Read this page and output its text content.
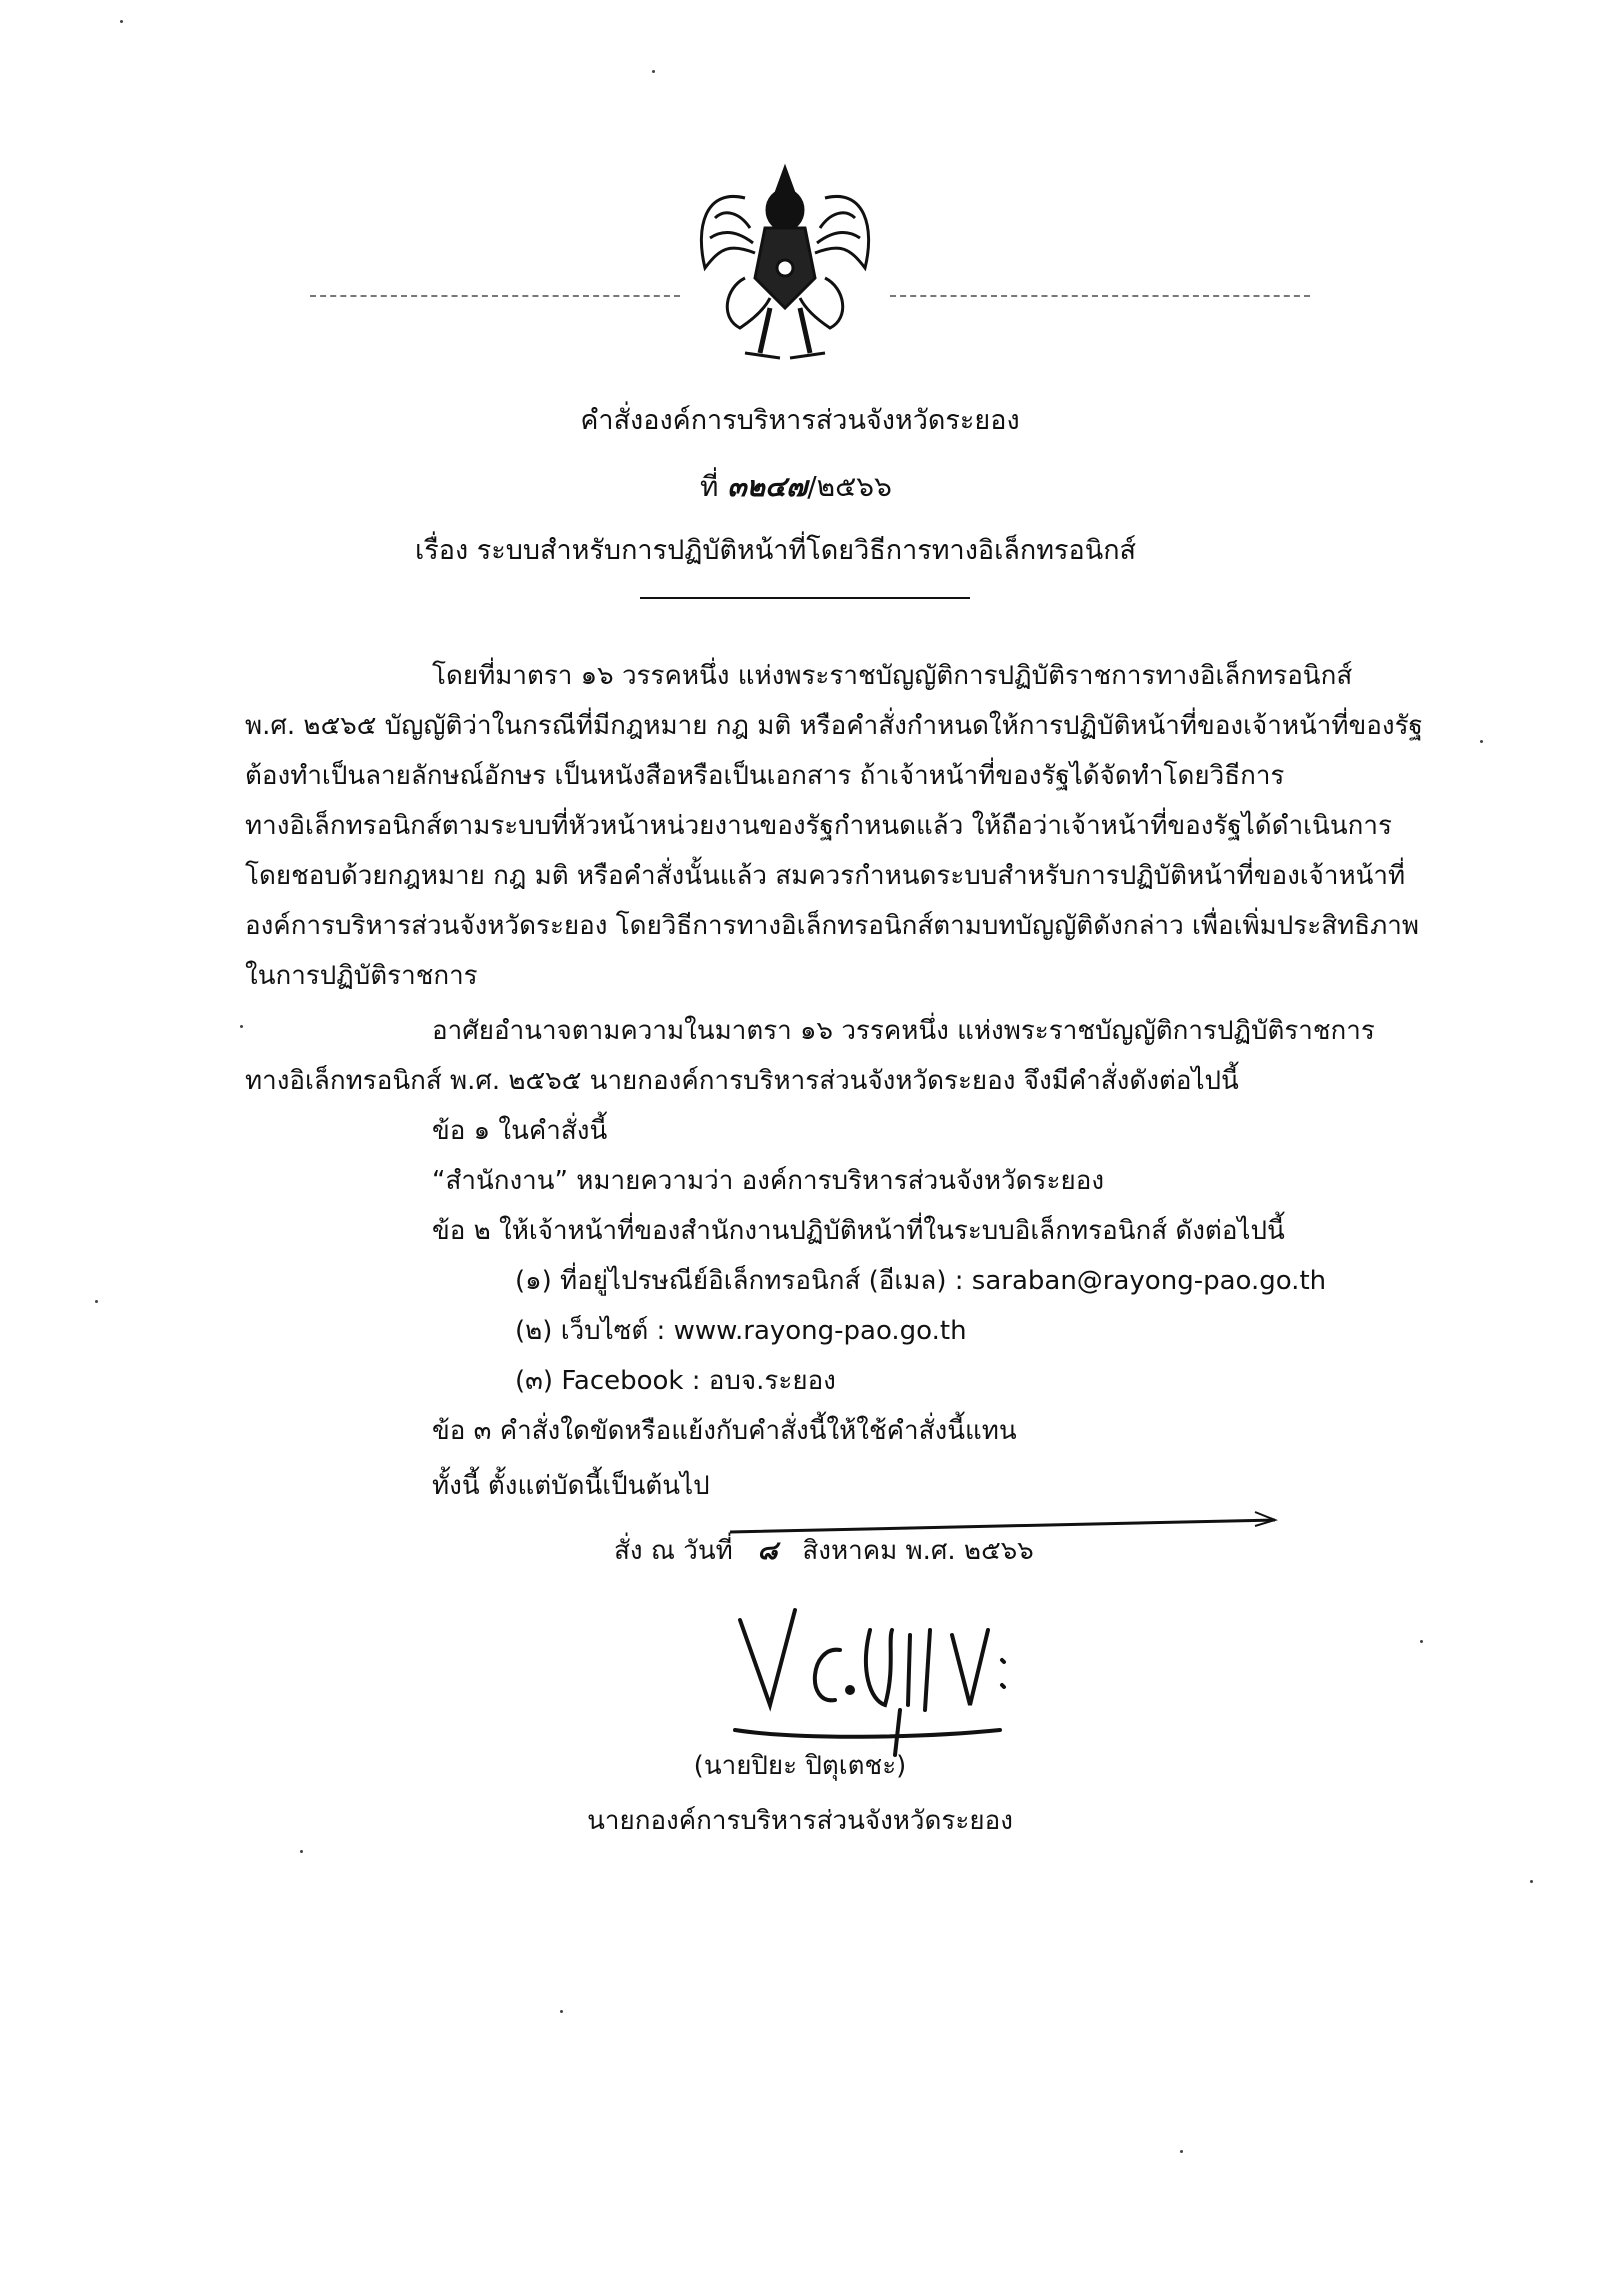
คำสั่งองค์การบริหารส่วนจังหวัดระยอง
ที่ ๓๒๔๗/๒๕๖๖
เรื่อง ระบบสำหรับการปฏิบัติหน้าที่โดยวิธีการทางอิเล็กทรอนิกส์
โดยที่มาตรา ๑๖ วรรคหนึ่ง แห่งพระราชบัญญัติการปฏิบัติราชการทางอิเล็กทรอนิกส์
พ.ศ. ๒๕๖๕ บัญญัติว่าในกรณีที่มีกฎหมาย กฎ มติ หรือคำสั่งกำหนดให้การปฏิบัติหน้าที่ของเจ้าหน้าที่ของรัฐ
ต้องทำเป็นลายลักษณ์อักษร เป็นหนังสือหรือเป็นเอกสาร ถ้าเจ้าหน้าที่ของรัฐได้จัดทำโดยวิธีการ
ทางอิเล็กทรอนิกส์ตามระบบที่หัวหน้าหน่วยงานของรัฐกำหนดแล้ว ให้ถือว่าเจ้าหน้าที่ของรัฐได้ดำเนินการ
โดยชอบด้วยกฎหมาย กฎ มติ หรือคำสั่งนั้นแล้ว สมควรกำหนดระบบสำหรับการปฏิบัติหน้าที่ของเจ้าหน้าที่
องค์การบริหารส่วนจังหวัดระยอง โดยวิธีการทางอิเล็กทรอนิกส์ตามบทบัญญัติดังกล่าว เพื่อเพิ่มประสิทธิภาพ
ในการปฏิบัติราชการ
อาศัยอำนาจตามความในมาตรา ๑๖ วรรคหนึ่ง แห่งพระราชบัญญัติการปฏิบัติราชการ
ทางอิเล็กทรอนิกส์ พ.ศ. ๒๕๖๕ นายกองค์การบริหารส่วนจังหวัดระยอง จึงมีคำสั่งดังต่อไปนี้
ข้อ ๑ ในคำสั่งนี้
“สำนักงาน” หมายความว่า องค์การบริหารส่วนจังหวัดระยอง
ข้อ ๒ ให้เจ้าหน้าที่ของสำนักงานปฏิบัติหน้าที่ในระบบอิเล็กทรอนิกส์ ดังต่อไปนี้
(๑) ที่อยู่ไปรษณีย์อิเล็กทรอนิกส์ (อีเมล) : saraban@rayong-pao.go.th
(๒) เว็บไซต์ : www.rayong-pao.go.th
(๓) Facebook : อบจ.ระยอง
ข้อ ๓ คำสั่งใดขัดหรือแย้งกับคำสั่งนี้ให้ใช้คำสั่งนี้แทน
ทั้งนี้ ตั้งแต่บัดนี้เป็นต้นไป
สั่ง ณ วันที่ ๘ สิงหาคม พ.ศ. ๒๕๖๖
(นายปิยะ ปิตุเตชะ)
นายกองค์การบริหารส่วนจังหวัดระยอง
